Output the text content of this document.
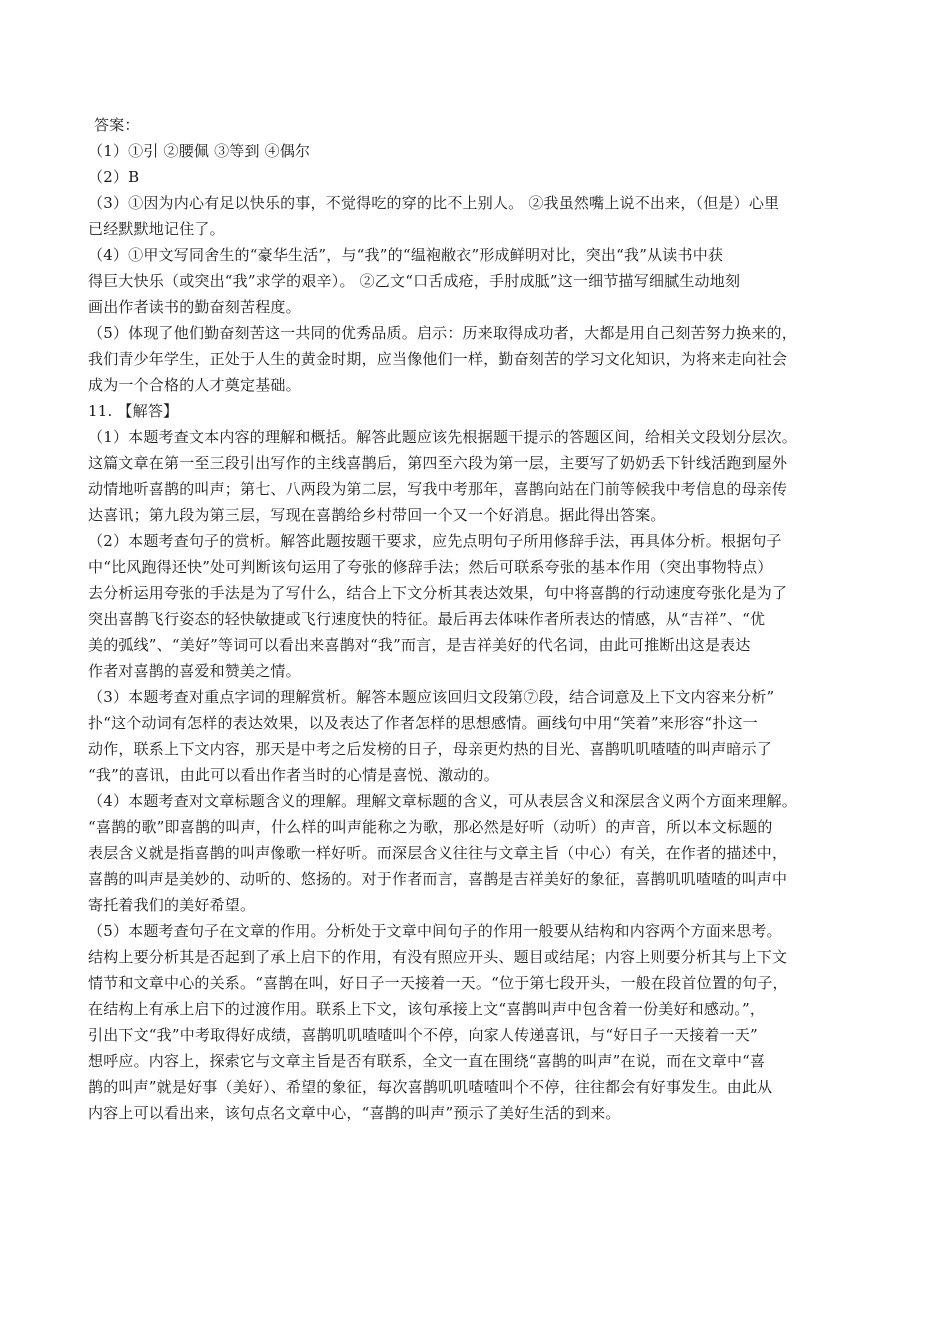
答案：
（1）①引 ②腰佩 ③等到 ④偶尔
（2）B
（3）①因为内心有足以快乐的事，不觉得吃的穿的比不上别人。 ②我虽然嘴上说不出来，（但是）心里
已经默默地记住了。
（4）①甲文写同舍生的“豪华生活”，与“我”的“缊袍敝衣”形成鲜明对比，突出“我”从读书中获
得巨大快乐（或突出“我”求学的艰辛）。 ②乙文“口舌成疮，手肘成胝”这一细节描写细腻生动地刻
画出作者读书的勤奋刻苦程度。
（5）体现了他们勤奋刻苦这一共同的优秀品质。启示：历来取得成功者，大都是用自己刻苦努力换来的，
我们青少年学生，正处于人生的黄金时期，应当像他们一样，勤奋刻苦的学习文化知识，为将来走向社会
成为一个合格的人才奠定基础。
11. 【解答】
（1）本题考查文本内容的理解和概括。解答此题应该先根据题干提示的答题区间，给相关文段划分层次。
这篇文章在第一至三段引出写作的主线喜鹊后，第四至六段为第一层，主要写了奶奶丢下针线活跑到屋外
动情地听喜鹊的叫声；第七、八两段为第二层，写我中考那年，喜鹊向站在门前等候我中考信息的母亲传
达喜讯；第九段为第三层，写现在喜鹊给乡村带回一个又一个好消息。据此得出答案。
（2）本题考查句子的赏析。解答此题按题干要求，应先点明句子所用修辞手法，再具体分析。根据句子
中“比风跑得还快”处可判断该句运用了夸张的修辞手法；然后可联系夸张的基本作用（突出事物特点）
去分析运用夸张的手法是为了写什么，结合上下文分析其表达效果，句中将喜鹊的行动速度夸张化是为了
突出喜鹊飞行姿态的轻快敏捷或飞行速度快的特征。最后再去体味作者所表达的情感，从“吉祥”、“优
美的弧线”、“美好”等词可以看出来喜鹊对“我”而言，是吉祥美好的代名词，由此可推断出这是表达
作者对喜鹊的喜爱和赞美之情。
（3）本题考查对重点字词的理解赏析。解答本题应该回归文段第⑦段，结合词意及上下文内容来分析”
扑“这个动词有怎样的表达效果，以及表达了作者怎样的思想感情。画线句中用“笑着”来形容“扑这一
动作，联系上下文内容，那天是中考之后发榜的日子，母亲更灼热的目光、喜鹊叽叽喳喳的叫声暗示了
“我”的喜讯，由此可以看出作者当时的心情是喜悦、激动的。
（4）本题考查对文章标题含义的理解。理解文章标题的含义，可从表层含义和深层含义两个方面来理解。
“喜鹊的歌”即喜鹊的叫声，什么样的叫声能称之为歌，那必然是好听（动听）的声音，所以本文标题的
表层含义就是指喜鹊的叫声像歌一样好听。而深层含义往往与文章主旨（中心）有关，在作者的描述中，
喜鹊的叫声是美妙的、动听的、悠扬的。对于作者而言，喜鹊是吉祥美好的象征，喜鹊叽叽喳喳的叫声中
寄托着我们的美好希望。
（5）本题考查句子在文章的作用。分析处于文章中间句子的作用一般要从结构和内容两个方面来思考。
结构上要分析其是否起到了承上启下的作用，有没有照应开头、题目或结尾；内容上则要分析其与上下文
情节和文章中心的关系。“喜鹊在叫，好日子一天接着一天。“位于第七段开头，一般在段首位置的句子，
在结构上有承上启下的过渡作用。联系上下文，该句承接上文“喜鹊叫声中包含着一份美好和感动。”，
引出下文“我”中考取得好成绩，喜鹊叽叽喳喳叫个不停，向家人传递喜讯，与“好日子一天接着一天”
想呼应。内容上，探索它与文章主旨是否有联系，全文一直在围绕“喜鹊的叫声”在说，而在文章中“喜
鹊的叫声”就是好事（美好）、希望的象征，每次喜鹊叽叽喳喳叫个不停，往往都会有好事发生。由此从
内容上可以看出来，该句点名文章中心，“喜鹊的叫声”预示了美好生活的到来。
